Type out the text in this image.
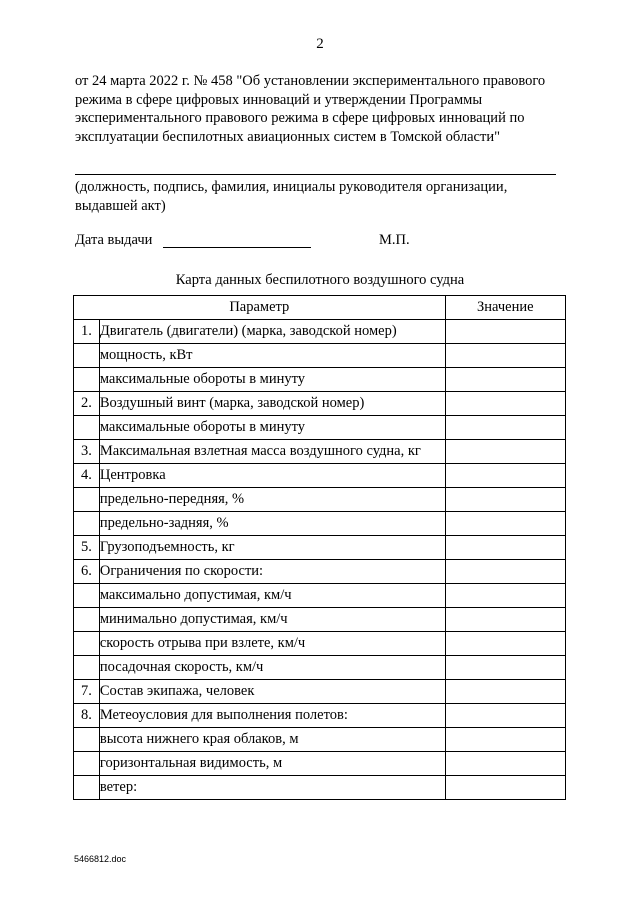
2

от 24 марта 2022 г. № 458 "Об установлении экспериментального правового режима в сфере цифровых инноваций и утверждении Программы экспериментального правового режима в сфере цифровых инноваций по эксплуатации беспилотных авиационных систем в Томской области"

(должность, подпись, фамилия, инициалы руководителя организации, выдавшей акт)

Дата выдачи	М.П.
Карта данных беспилотного воздушного судна
Параметр		Значение
1.	Двигатель (двигатели) (марка, заводской номер)	
	мощность, кВт	
	максимальные обороты в минуту	
2.	Воздушный винт (марка, заводской номер)	
	максимальные обороты в минуту	
3.	Максимальная взлетная масса воздушного судна, кг	
4.	Центровка	
	предельно-передняя, %	
	предельно-задняя, %	
5.	Грузоподъемность, кг	
6.	Ограничения по скорости:	
	максимально допустимая, км/ч	
	минимально допустимая, км/ч	
	скорость отрыва при взлете, км/ч	
	посадочная скорость, км/ч	
7.	Состав экипажа, человек	
8.	Метеоусловия для выполнения полетов:	
	высота нижнего края облаков, м	
	горизонтальная видимость, м	
	ветер:	
5466812.doc
